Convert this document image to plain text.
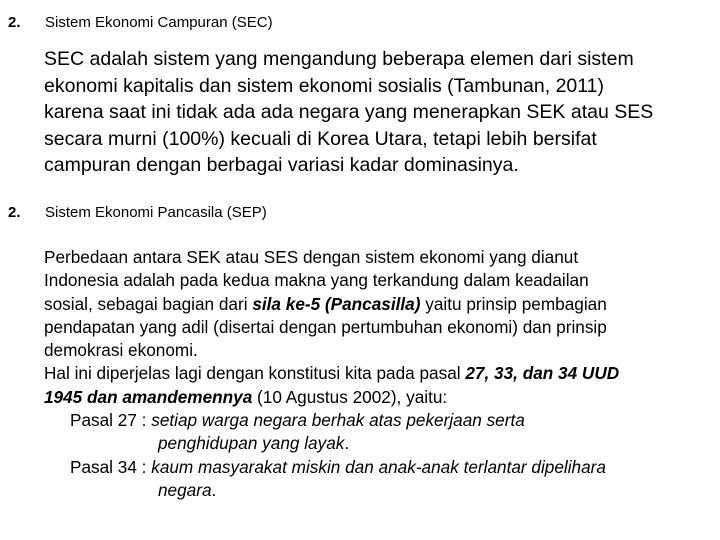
2. Sistem Ekonomi Campuran (SEC)
SEC adalah sistem yang mengandung beberapa elemen dari sistem
ekonomi kapitalis dan sistem ekonomi sosialis (Tambunan, 2011)
karena saat ini tidak ada ada negara yang menerapkan SEK atau SES
secara murni (100%) kecuali di Korea Utara, tetapi lebih bersifat
campuran dengan berbagai variasi kadar dominasinya.
2. Sistem Ekonomi Pancasila (SEP)
Perbedaan antara SEK atau SES dengan sistem ekonomi yang dianut
Indonesia adalah pada kedua makna yang terkandung dalam keadailan
sosial, sebagai bagian dari sila ke-5 (Pancasilla) yaitu prinsip pembagian
pendapatan yang adil (disertai dengan pertumbuhan ekonomi) dan prinsip
demokrasi ekonomi.
Hal ini diperjelas lagi dengan konstitusi kita pada pasal 27, 33, dan 34 UUD
1945 dan amandemennya (10 Agustus 2002), yaitu:
Pasal 27 : setiap warga negara berhak atas pekerjaan serta
penghidupan yang layak.
Pasal 34 : kaum masyarakat miskin dan anak-anak terlantar dipelihara
negara.
